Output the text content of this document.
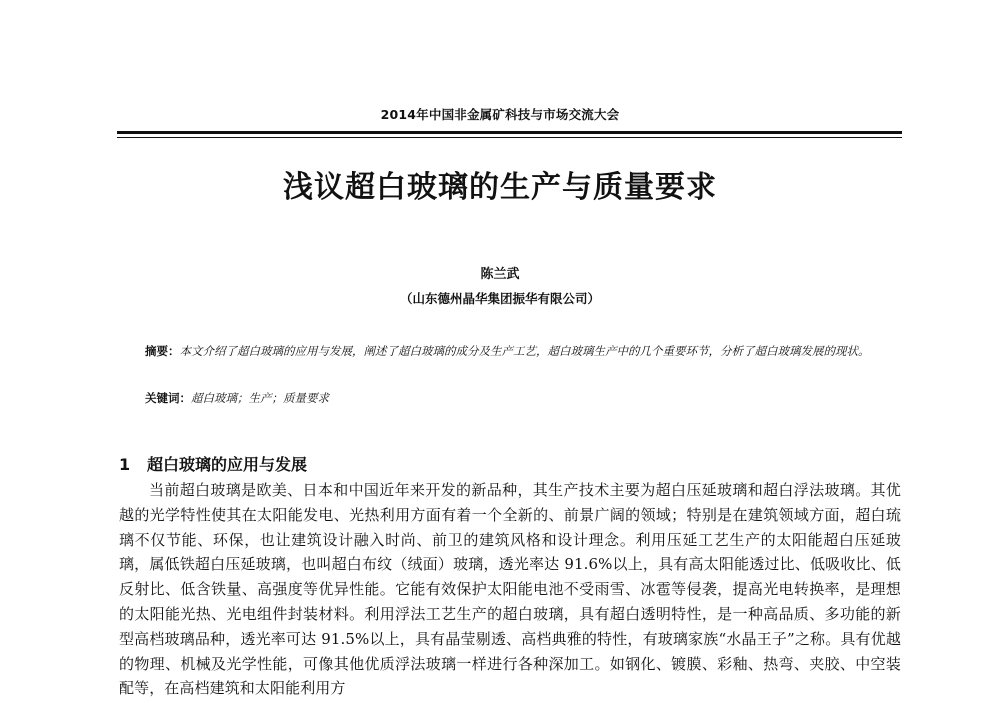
2014年中国非金属矿科技与市场交流大会
浅议超白玻璃的生产与质量要求
陈兰武
（山东德州晶华集团振华有限公司）
摘要：本文介绍了超白玻璃的应用与发展，阐述了超白玻璃的成分及生产工艺，超白玻璃生产中的几个重要环节，分析了超白玻璃发展的现状。
关键词：超白玻璃；生产；质量要求
1 超白玻璃的应用与发展

当前超白玻璃是欧美、日本和中国近年来开发的新品种，其生产技术主要为超白压延玻璃和超白浮法玻璃。其优越的光学特性使其在太阳能发电、光热利用方面有着一个全新的、前景广阔的领域；特别是在建筑领域方面，超白琉璃不仅节能、环保，也让建筑设计融入时尚、前卫的建筑风格和设计理念。利用压延工艺生产的太阳能超白压延玻璃，属低铁超白压延玻璃，也叫超白布纹（绒面）玻璃，透光率达 91.6%以上，具有高太阳能透过比、低吸收比、低反射比、低含铁量、高强度等优异性能。它能有效保护太阳能电池不受雨雪、冰雹等侵袭，提高光电转换率，是理想的太阳能光热、光电组件封装材料。利用浮法工艺生产的超白玻璃，具有超白透明特性，是一种高品质、多功能的新型高档玻璃品种，透光率可达 91.5%以上，具有晶莹剔透、高档典雅的特性，有玻璃家族“水晶王子”之称。具有优越的物理、机械及光学性能，可像其他优质浮法玻璃一样进行各种深加工。如钢化、镀膜、彩釉、热弯、夹胶、中空装配等，在高档建筑和太阳能利用方
